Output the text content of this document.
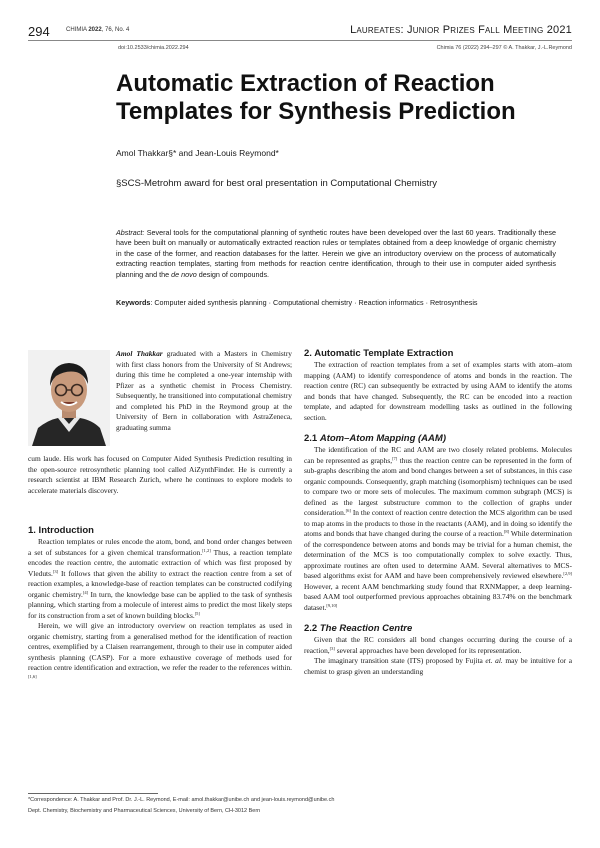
294	CHIMIA 2022, 76, No. 4	Laureates: Junior Prizes Fall Meeting 2021
doi:10.2533/chimia.2022.294	Chimia 76 (2022) 294–297 © A. Thakkar, J.-L.Reymond
Automatic Extraction of Reaction Templates for Synthesis Prediction
Amol Thakkar§* and Jean-Louis Reymond*
§SCS-Metrohm award for best oral presentation in Computational Chemistry
Abstract: Several tools for the computational planning of synthetic routes have been developed over the last 60 years. Traditionally these have been built on manually or automatically extracted reaction rules or templates obtained from a deep knowledge of organic chemistry in the case of the former, and reaction databases for the latter. Herein we give an introductory overview on the process of automatically extracting reaction templates, starting from methods for reaction centre identification, through to their use in computer aided synthesis planning and the de novo design of compounds.
Keywords: Computer aided synthesis planning · Computational chemistry · Reaction informatics · Retrosynthesis

Amol Thakkar graduated with a Masters in Chemistry with first class honors from the University of St Andrews; during this time he completed a one-year internship with Pfizer as a synthetic chemist in Process Chemistry. Subsequently, he transitioned into computational chemistry and completed his PhD in the Reymond group at the University of Bern in collaboration with AstraZeneca, graduating summa

cum laude. His work has focused on Computer Aided Synthesis Prediction resulting in the open-source retrosynthetic planning tool called AiZynthFinder. He is currently a research scientist at IBM Research Zurich, where he continues to explore models to accelerate materials discovery.

1. Introduction

Reaction templates or rules encode the atom, bond, and bond order changes between a set of substances for a given chemical transformation.[1,2] Thus, a reaction template encodes the reaction centre, the automatic extraction of which was first proposed by Vleduts.[3] It follows that given the ability to extract the reaction centre from a set of reaction examples, a knowledge-base of reaction templates can be constructed codifying organic chemistry.[4] In turn, the knowledge base can be applied to the task of synthesis planning, which starting from a molecule of interest aims to predict the most likely steps for its construction from a set of known building blocks.[5]

Herein, we will give an introductory overview on reaction templates as used in organic chemistry, starting from a generalised method for the identification of reaction centres, exemplified by a Claisen rearrangement, through to their use in computer aided synthesis planning (CASP). For a more exhaustive coverage of methods used for reaction centre identification and extraction, we refer the reader to the references within.[1,6]

2. Automatic Template Extraction

The extraction of reaction templates from a set of examples starts with atom–atom mapping (AAM) to identify correspondence of atoms and bonds in the reaction. The reaction centre (RC) can subsequently be extracted by using AAM to identify the atoms and bonds that have changed. Subsequently, the RC can be encoded into a reaction template, and adapted for downstream modelling tasks as outlined in the following section.

2.1 Atom–Atom Mapping (AAM)

The identification of the RC and AAM are two closely related problems. Molecules can be represented as graphs,[7] thus the reaction centre can be represented in the form of sub-graphs describing the atom and bond changes between a set of substances, in this case organic compounds. Consequently, graph matching (isomorphism) techniques can be used to compare two or more sets of molecules. The maximum common subgraph (MCS) is defined as the largest substructure common to the collection of graphs under consideration.[6] In the context of reaction centre detection the MCS algorithm can be used to map atoms in the products to those in the reactants (AAM), and in doing so identify the atoms and bonds that have changed during the course of a reaction.[8] While determination of the correspondence between atoms and bonds may be trivial for a human chemist, the determination of the MCS is too computationally complex to solve exactly. Thus, approximate routines are often used to determine AAM. Several alternatives to MCS-based algorithms exist for AAM and have been comprehensively reviewed elsewhere.[2,9] However, a recent AAM benchmarking study found that RXNMapper, a deep learning-based AAM tool outperformed previous approaches obtaining 83.74% on the benchmark dataset.[9,10]

2.2 The Reaction Centre

Given that the RC considers all bond changes occurring during the course of a reaction,[3] several approaches have been developed for its representation.

The imaginary transition state (ITS) proposed by Fujita et. al. may be intuitive for a chemist to grasp given an understanding

*Correspondence: A. Thakkar and Prof. Dr. J.-L. Reymond, E-mail: amol.thakkar@unibe.ch and jean-louis.reymond@unibe.ch
Dept. Chemistry, Biochemistry and Pharmaceutical Sciences, University of Bern, CH-3012 Bern
